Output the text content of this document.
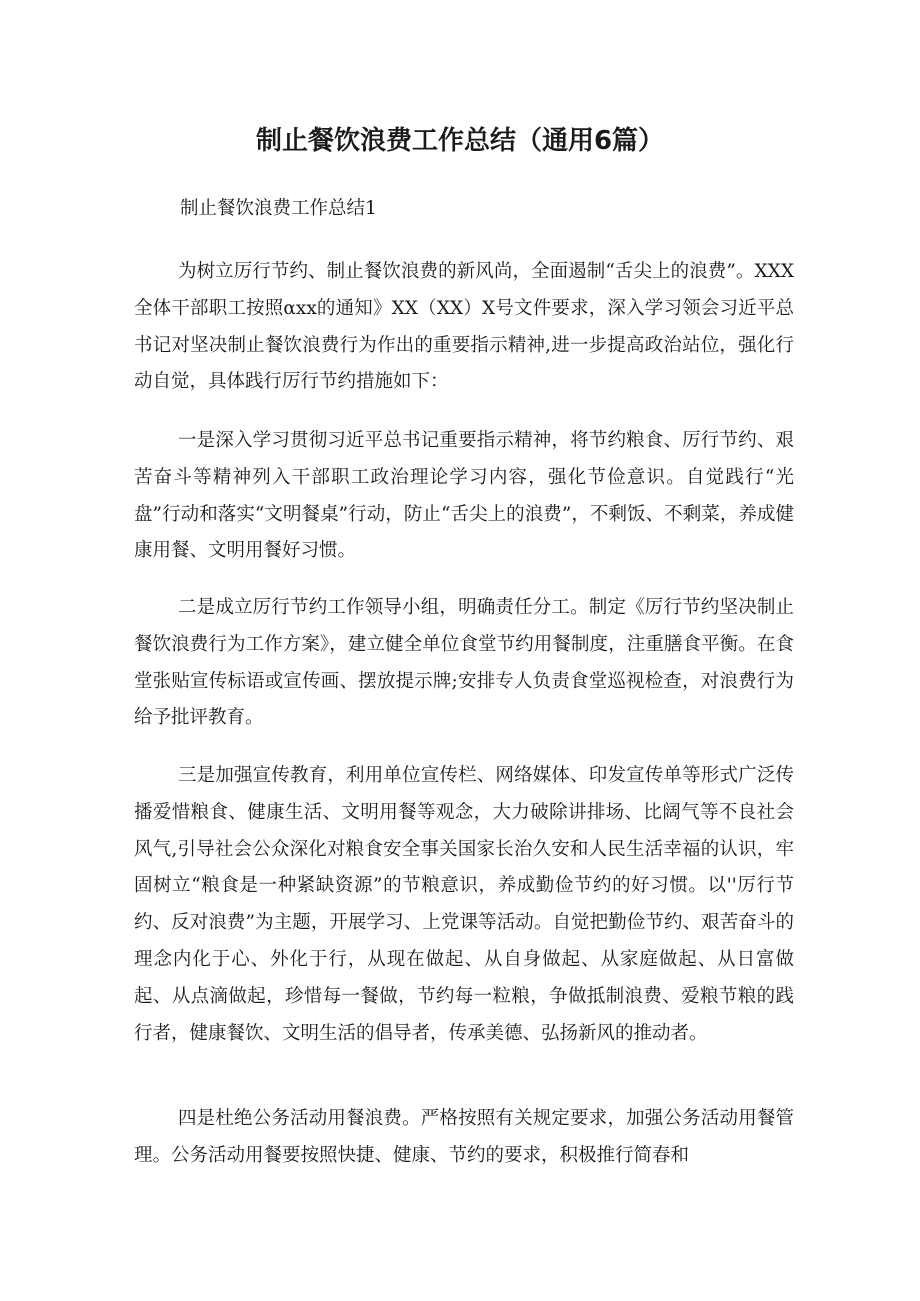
制止餐饮浪费工作总结（通用6篇）

制止餐饮浪费工作总结1

为树立厉行节约、制止餐饮浪费的新风尚，全面遏制“舌尖上的浪费”。XXX全体干部职工按照αxx的通知》XX（XX）X号文件要求，深入学习领会习近平总书记对坚决制止餐饮浪费行为作出的重要指示精神,进一步提高政治站位，强化行动自觉，具体践行厉行节约措施如下：

一是深入学习贯彻习近平总书记重要指示精神，将节约粮食、厉行节约、艰苦奋斗等精神列入干部职工政治理论学习内容，强化节俭意识。自觉践行“光盘”行动和落实“文明餐桌”行动，防止“舌尖上的浪费”，不剩饭、不剩菜，养成健康用餐、文明用餐好习惯。

二是成立厉行节约工作领导小组，明确责任分工。制定《厉行节约坚决制止餐饮浪费行为工作方案》，建立健全单位食堂节约用餐制度，注重膳食平衡。在食堂张贴宣传标语或宣传画、摆放提示牌;安排专人负责食堂巡视检查，对浪费行为给予批评教育。

三是加强宣传教育，利用单位宣传栏、网络媒体、印发宣传单等形式广泛传播爱惜粮食、健康生活、文明用餐等观念，大力破除讲排场、比阔气等不良社会风气,引导社会公众深化对粮食安全事关国家长治久安和人民生活幸福的认识，牢固树立“粮食是一种紧缺资源”的节粮意识，养成勤俭节约的好习惯。以''厉行节约、反对浪费”为主题，开展学习、上党课等活动。自觉把勤俭节约、艰苦奋斗的理念内化于心、外化于行，从现在做起、从自身做起、从家庭做起、从日富做起、从点滴做起，珍惜每一餐做，节约每一粒粮，争做抵制浪费、爱粮节粮的践行者，健康餐饮、文明生活的倡导者，传承美德、弘扬新风的推动者。

四是杜绝公务活动用餐浪费。严格按照有关规定要求，加强公务活动用餐管理。公务活动用餐要按照快捷、健康、节约的要求，积极推行简春和
